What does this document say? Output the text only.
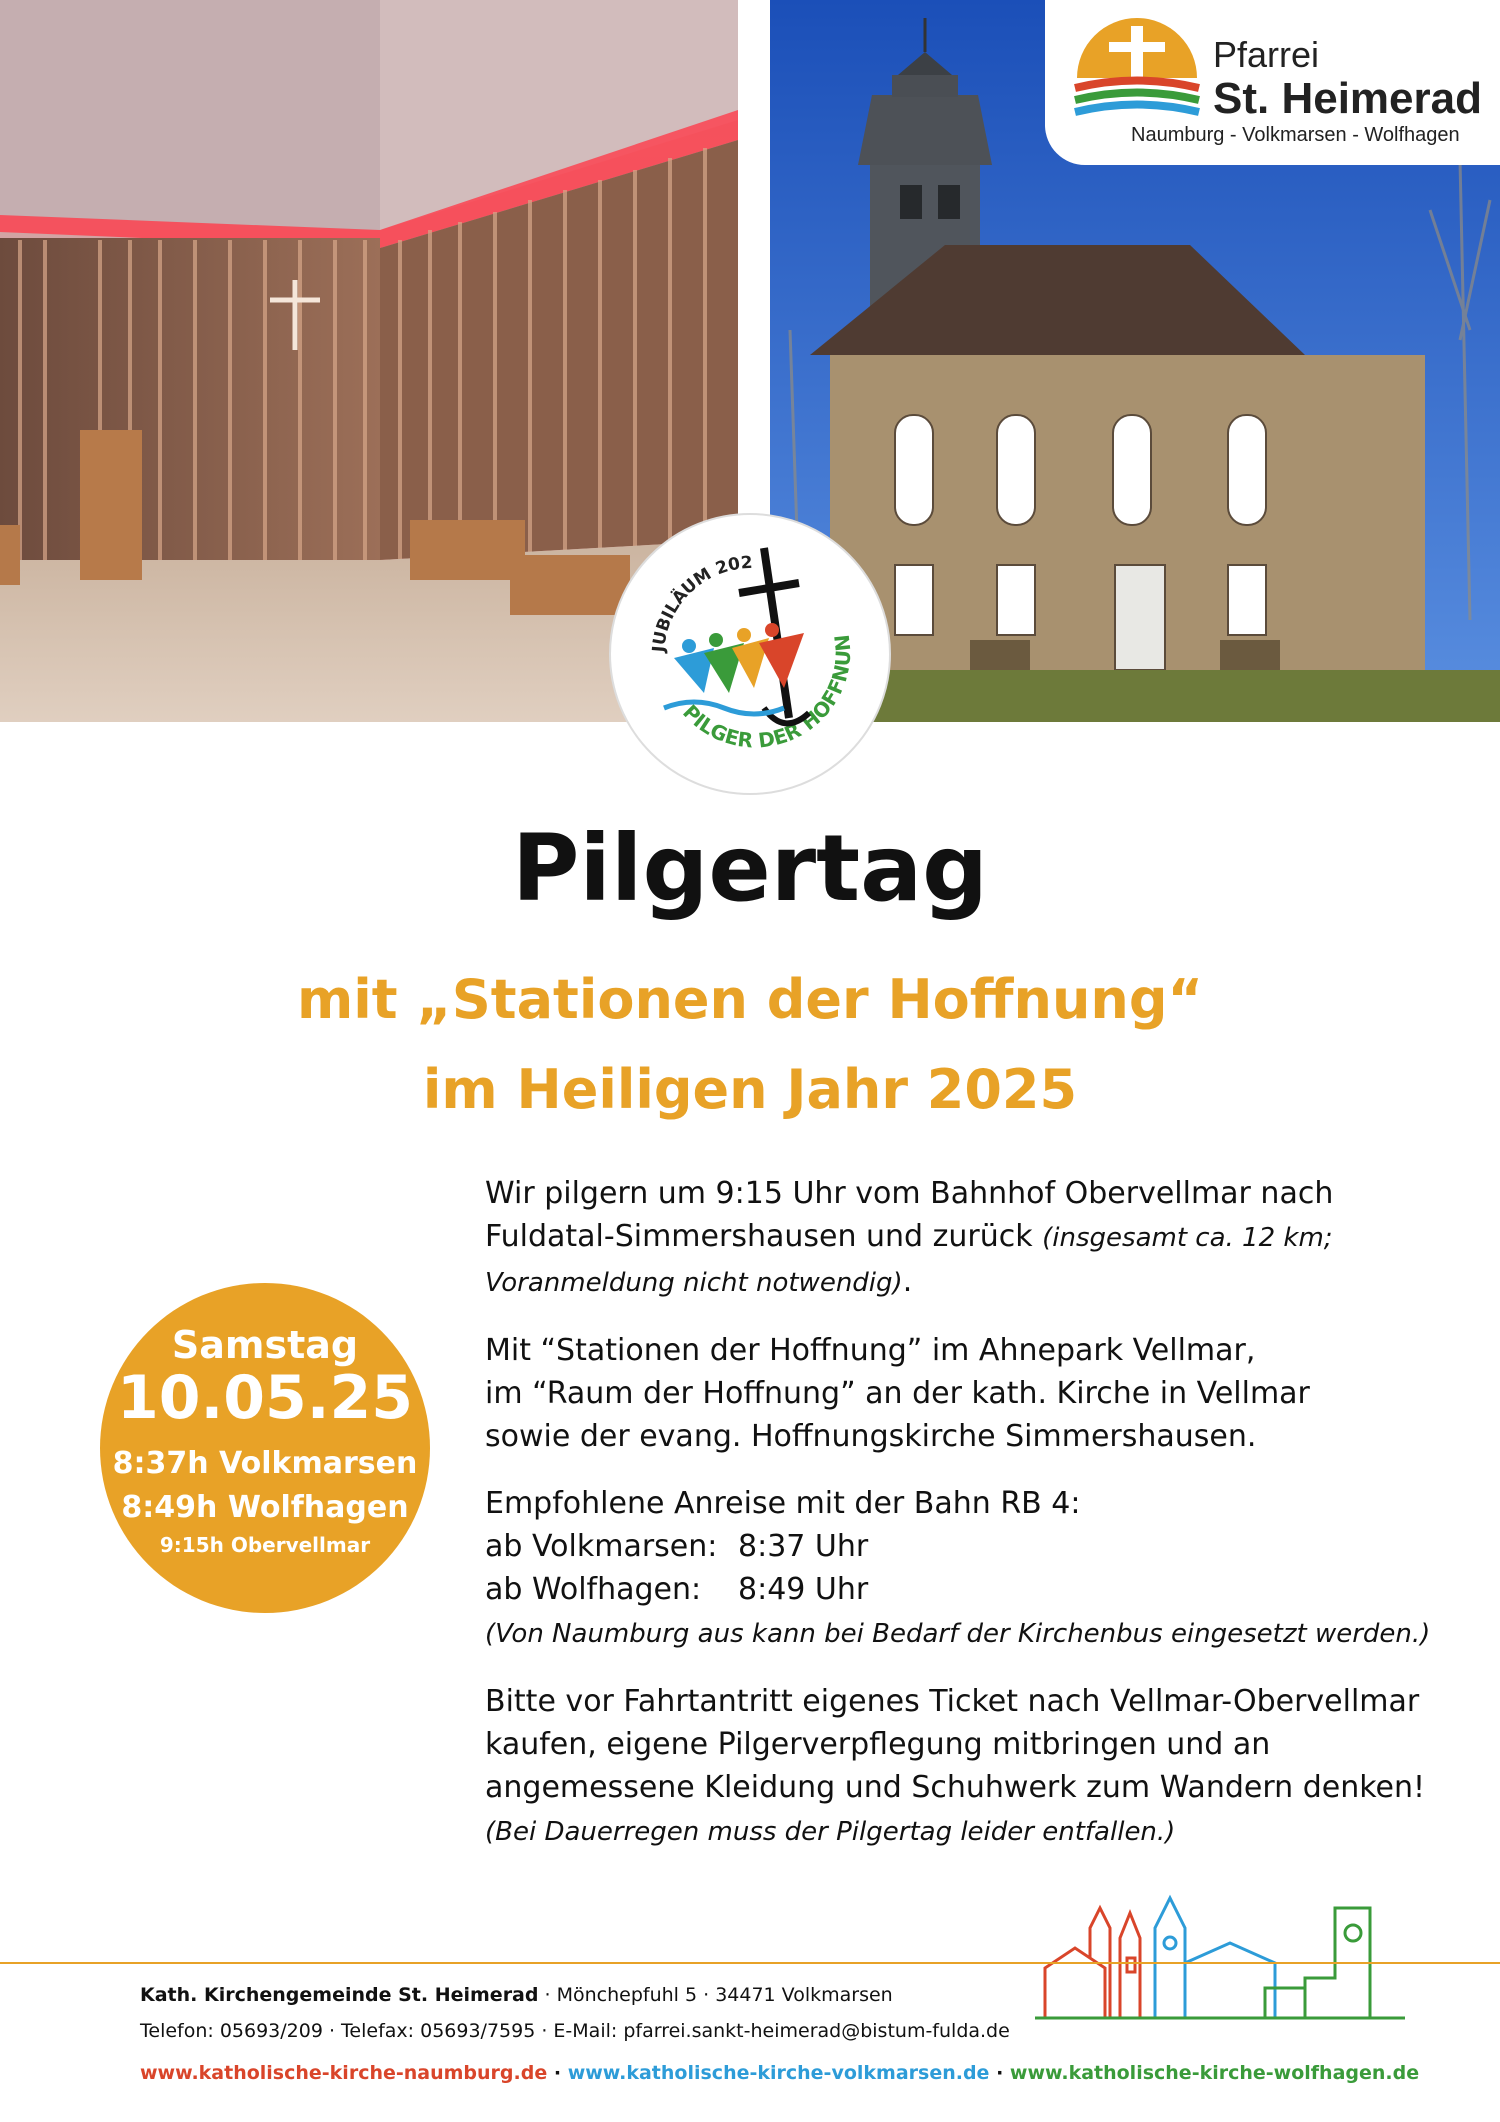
Pfarrei
St. Heimerad
Naumburg - Volkmarsen - Wolfhagen
JUBILÄUM 202
PILGER DER HOFFNUN
Pilgertag
mit „Stationen der Hoffnung“
im Heiligen Jahr 2025
Samstag
10.05.25
8:37h Volkmarsen
8:49h Wolfhagen
9:15h Obervellmar

Wir pilgern um 9:15 Uhr vom Bahnhof Obervellmar nach Fuldatal-Simmershausen und zurück (insgesamt ca. 12 km; Voranmeldung nicht notwendig).

Mit “Stationen der Hoffnung” im Ahnepark Vellmar,
im “Raum der Hoffnung” an der kath. Kirche in Vellmar
sowie der evang. Hoffnungskirche Simmershausen.

Empfohlene Anreise mit der Bahn RB 4:
ab Volkmarsen: 8:37 Uhr
ab Wolfhagen: 8:49 Uhr
(Von Naumburg aus kann bei Bedarf der Kirchenbus eingesetzt werden.)

Bitte vor Fahrtantritt eigenes Ticket nach Vellmar-Obervellmar kaufen, eigene Pilgerverpflegung mitbringen und an angemessene Kleidung und Schuhwerk zum Wandern denken!
(Bei Dauerregen muss der Pilgertag leider entfallen.)

Kath. Kirchengemeinde St. Heimerad · Mönchepfuhl 5 · 34471 Volkmarsen
Telefon: 05693/209 · Telefax: 05693/7595 · E-Mail: pfarrei.sankt-heimerad@bistum-fulda.de
www.katholische-kirche-naumburg.de · www.katholische-kirche-volkmarsen.de · www.katholische-kirche-wolfhagen.de
